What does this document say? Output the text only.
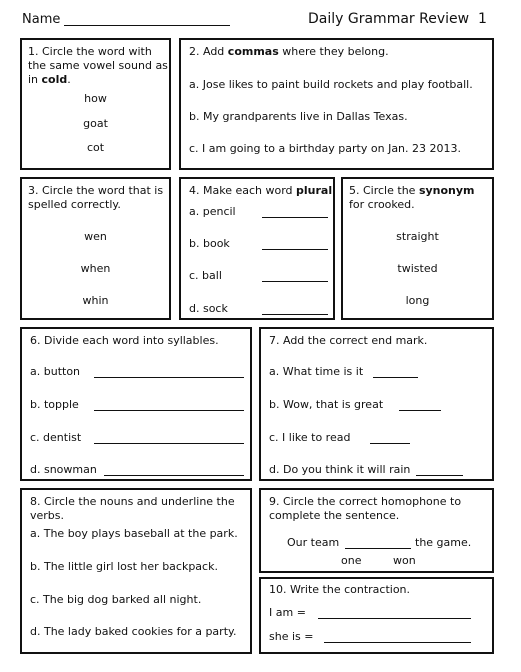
Name	Daily Grammar Review 1
1. Circle the word with the same vowel sound as in cold.
how
goat
cot
2. Add commas where they belong.
a. Jose likes to paint build rockets and play football.
b. My grandparents live in Dallas Texas.
c. I am going to a birthday party on Jan. 23 2013.
3. Circle the word that is spelled correctly.
wen
when
whin
4. Make each word plural.
a. pencil
b. book
c. ball
d. sock
5. Circle the synonym for crooked.
straight
twisted
long
6. Divide each word into syllables.
a. button
b. topple
c. dentist
d. snowman
7. Add the correct end mark.
a. What time is it
b. Wow, that is great
c. I like to read
d. Do you think it will rain
8. Circle the nouns and underline the verbs.
a. The boy plays baseball at the park.
b. The little girl lost her backpack.
c. The big dog barked all night.
d. The lady baked cookies for a party.
9. Circle the correct homophone to complete the sentence.
Our team	the game.
one	won
10. Write the contraction.
I am =
she is =
